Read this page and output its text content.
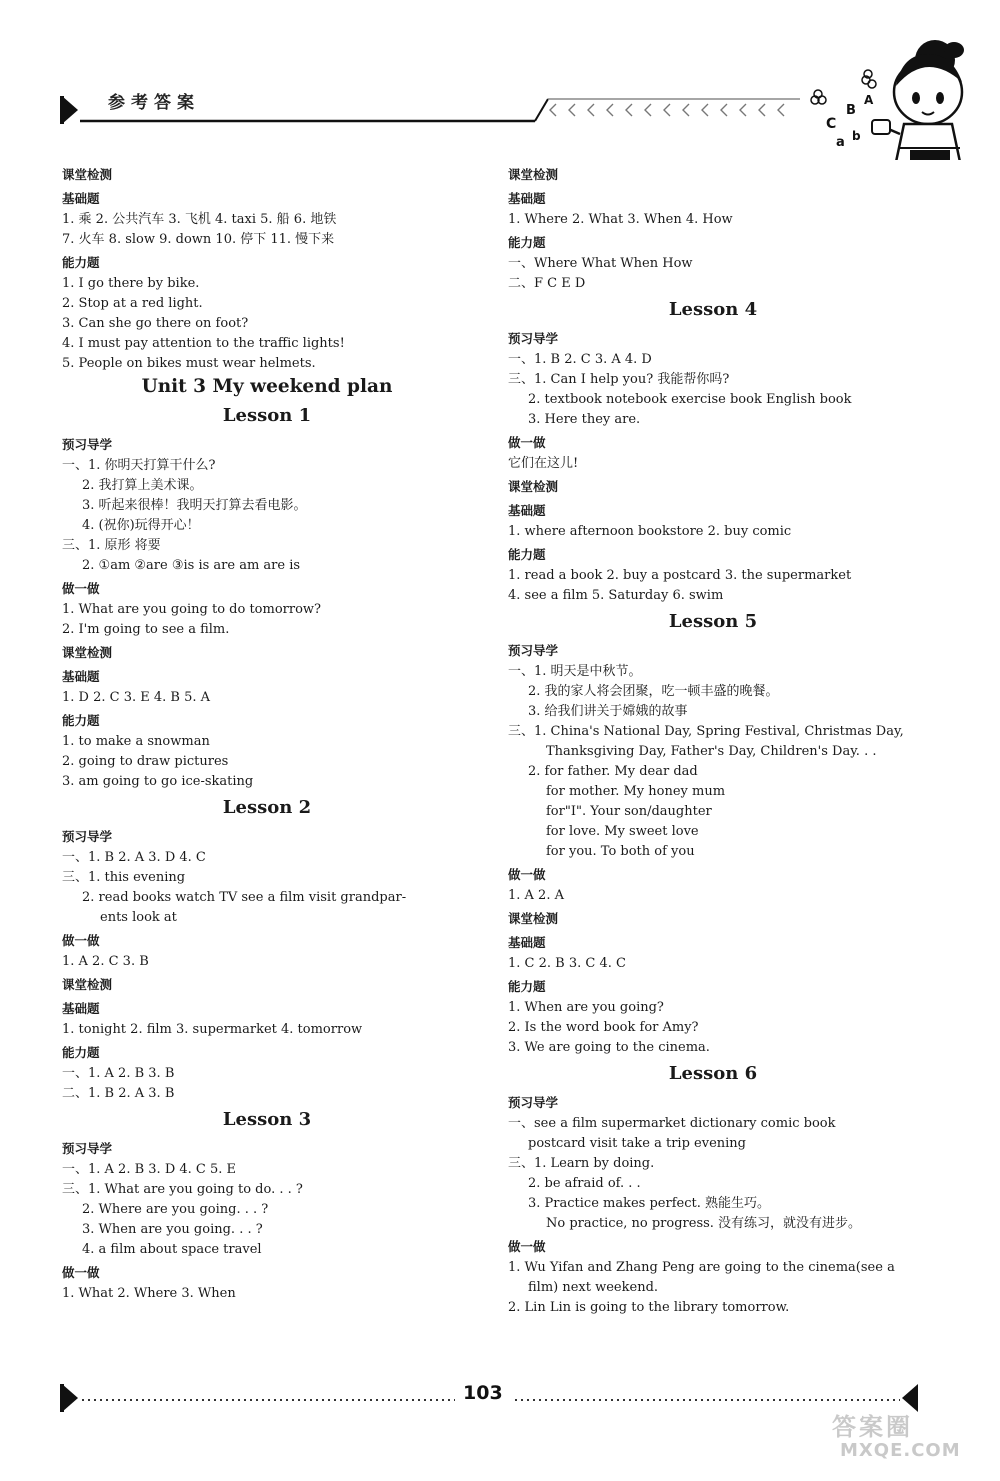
C
B
A
a b
参考答案
课堂检测
基础题
1. 乘 2. 公共汽车 3. 飞机 4. taxi 5. 船 6. 地铁
7. 火车 8. slow 9. down 10. 停下 11. 慢下来
能力题
1. I go there by bike.
2. Stop at a red light.
3. Can she go there on foot?
4. I must pay attention to the traffic lights!
5. People on bikes must wear helmets.
Unit 3 My weekend plan
Lesson 1
预习导学
一、1. 你明天打算干什么?
2. 我打算上美术课。
3. 听起来很棒！我明天打算去看电影。
4. (祝你)玩得开心！
三、1. 原形 将要
2. ①am ②are ③is is are am are is
做一做
1. What are you going to do tomorrow?
2. I'm going to see a film.
课堂检测
基础题
1. D 2. C 3. E 4. B 5. A
能力题
1. to make a snowman
2. going to draw pictures
3. am going to go ice-skating
Lesson 2
预习导学
一、1. B 2. A 3. D 4. C
三、1. this evening
2. read books watch TV see a film visit grandpar-
ents look at
做一做
1. A 2. C 3. B
课堂检测
基础题
1. tonight 2. film 3. supermarket 4. tomorrow
能力题
一、1. A 2. B 3. B
二、1. B 2. A 3. B
Lesson 3
预习导学
一、1. A 2. B 3. D 4. C 5. E
三、1. What are you going to do. . . ?
2. Where are you going. . . ?
3. When are you going. . . ?
4. a film about space travel
做一做
1. What 2. Where 3. When
课堂检测
基础题
1. Where 2. What 3. When 4. How
能力题
一、Where What When How
二、F C E D
Lesson 4
预习导学
一、1. B 2. C 3. A 4. D
三、1. Can I help you? 我能帮你吗?
2. textbook notebook exercise book English book
3. Here they are.
做一做
它们在这儿!
课堂检测
基础题
1. where afternoon bookstore 2. buy comic
能力题
1. read a book 2. buy a postcard 3. the supermarket
4. see a film 5. Saturday 6. swim
Lesson 5
预习导学
一、1. 明天是中秋节。
2. 我的家人将会团聚，吃一顿丰盛的晚餐。
3. 给我们讲关于嫦娥的故事
三、1. China's National Day, Spring Festival, Christmas Day,
Thanksgiving Day, Father's Day, Children's Day. . .
2. for father. My dear dad
for mother. My honey mum
for"I". Your son/daughter
for love. My sweet love
for you. To both of you
做一做
1. A 2. A
课堂检测
基础题
1. C 2. B 3. C 4. C
能力题
1. When are you going?
2. Is the word book for Amy?
3. We are going to the cinema.
Lesson 6
预习导学
一、see a film supermarket dictionary comic book
postcard visit take a trip evening
三、1. Learn by doing.
2. be afraid of. . .
3. Practice makes perfect. 熟能生巧。
No practice, no progress. 没有练习，就没有进步。
做一做
1. Wu Yifan and Zhang Peng are going to the cinema(see a
film) next weekend.
2. Lin Lin is going to the library tomorrow.
103
答案圈
MXQE.COM
